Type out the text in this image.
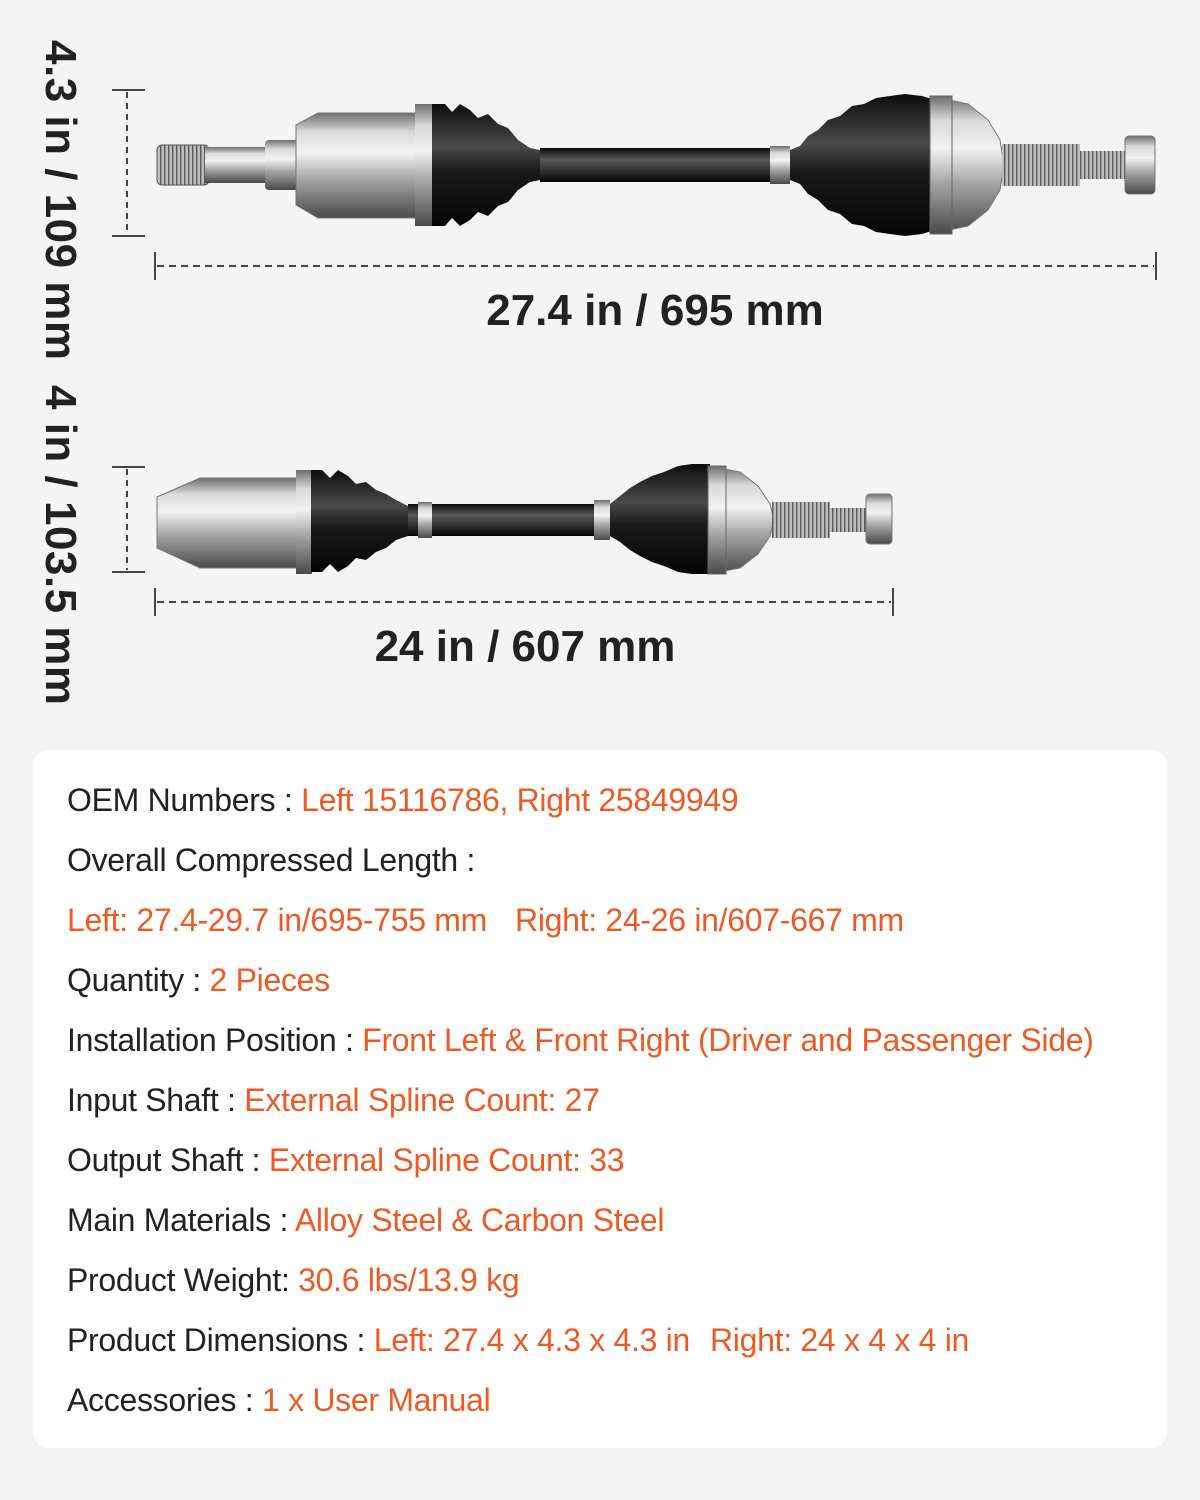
4.3 in / 109 mm	27.4 in / 695 mm
4 in / 103.5 mm	24 in / 607 mm
OEM Numbers : Left 15116786, Right 25849949
Overall Compressed Length :
Left: 27.4-29.7 in/695-755 mm Right: 24-26 in/607-667 mm
Quantity : 2 Pieces
Installation Position : Front Left & Front Right (Driver and Passenger Side)
Input Shaft : External Spline Count: 27
Output Shaft : External Spline Count: 33
Main Materials : Alloy Steel & Carbon Steel
Product Weight: 30.6 lbs/13.9 kg
Product Dimensions : Left: 27.4 x 4.3 x 4.3 in Right: 24 x 4 x 4 in
Accessories : 1 x User Manual
